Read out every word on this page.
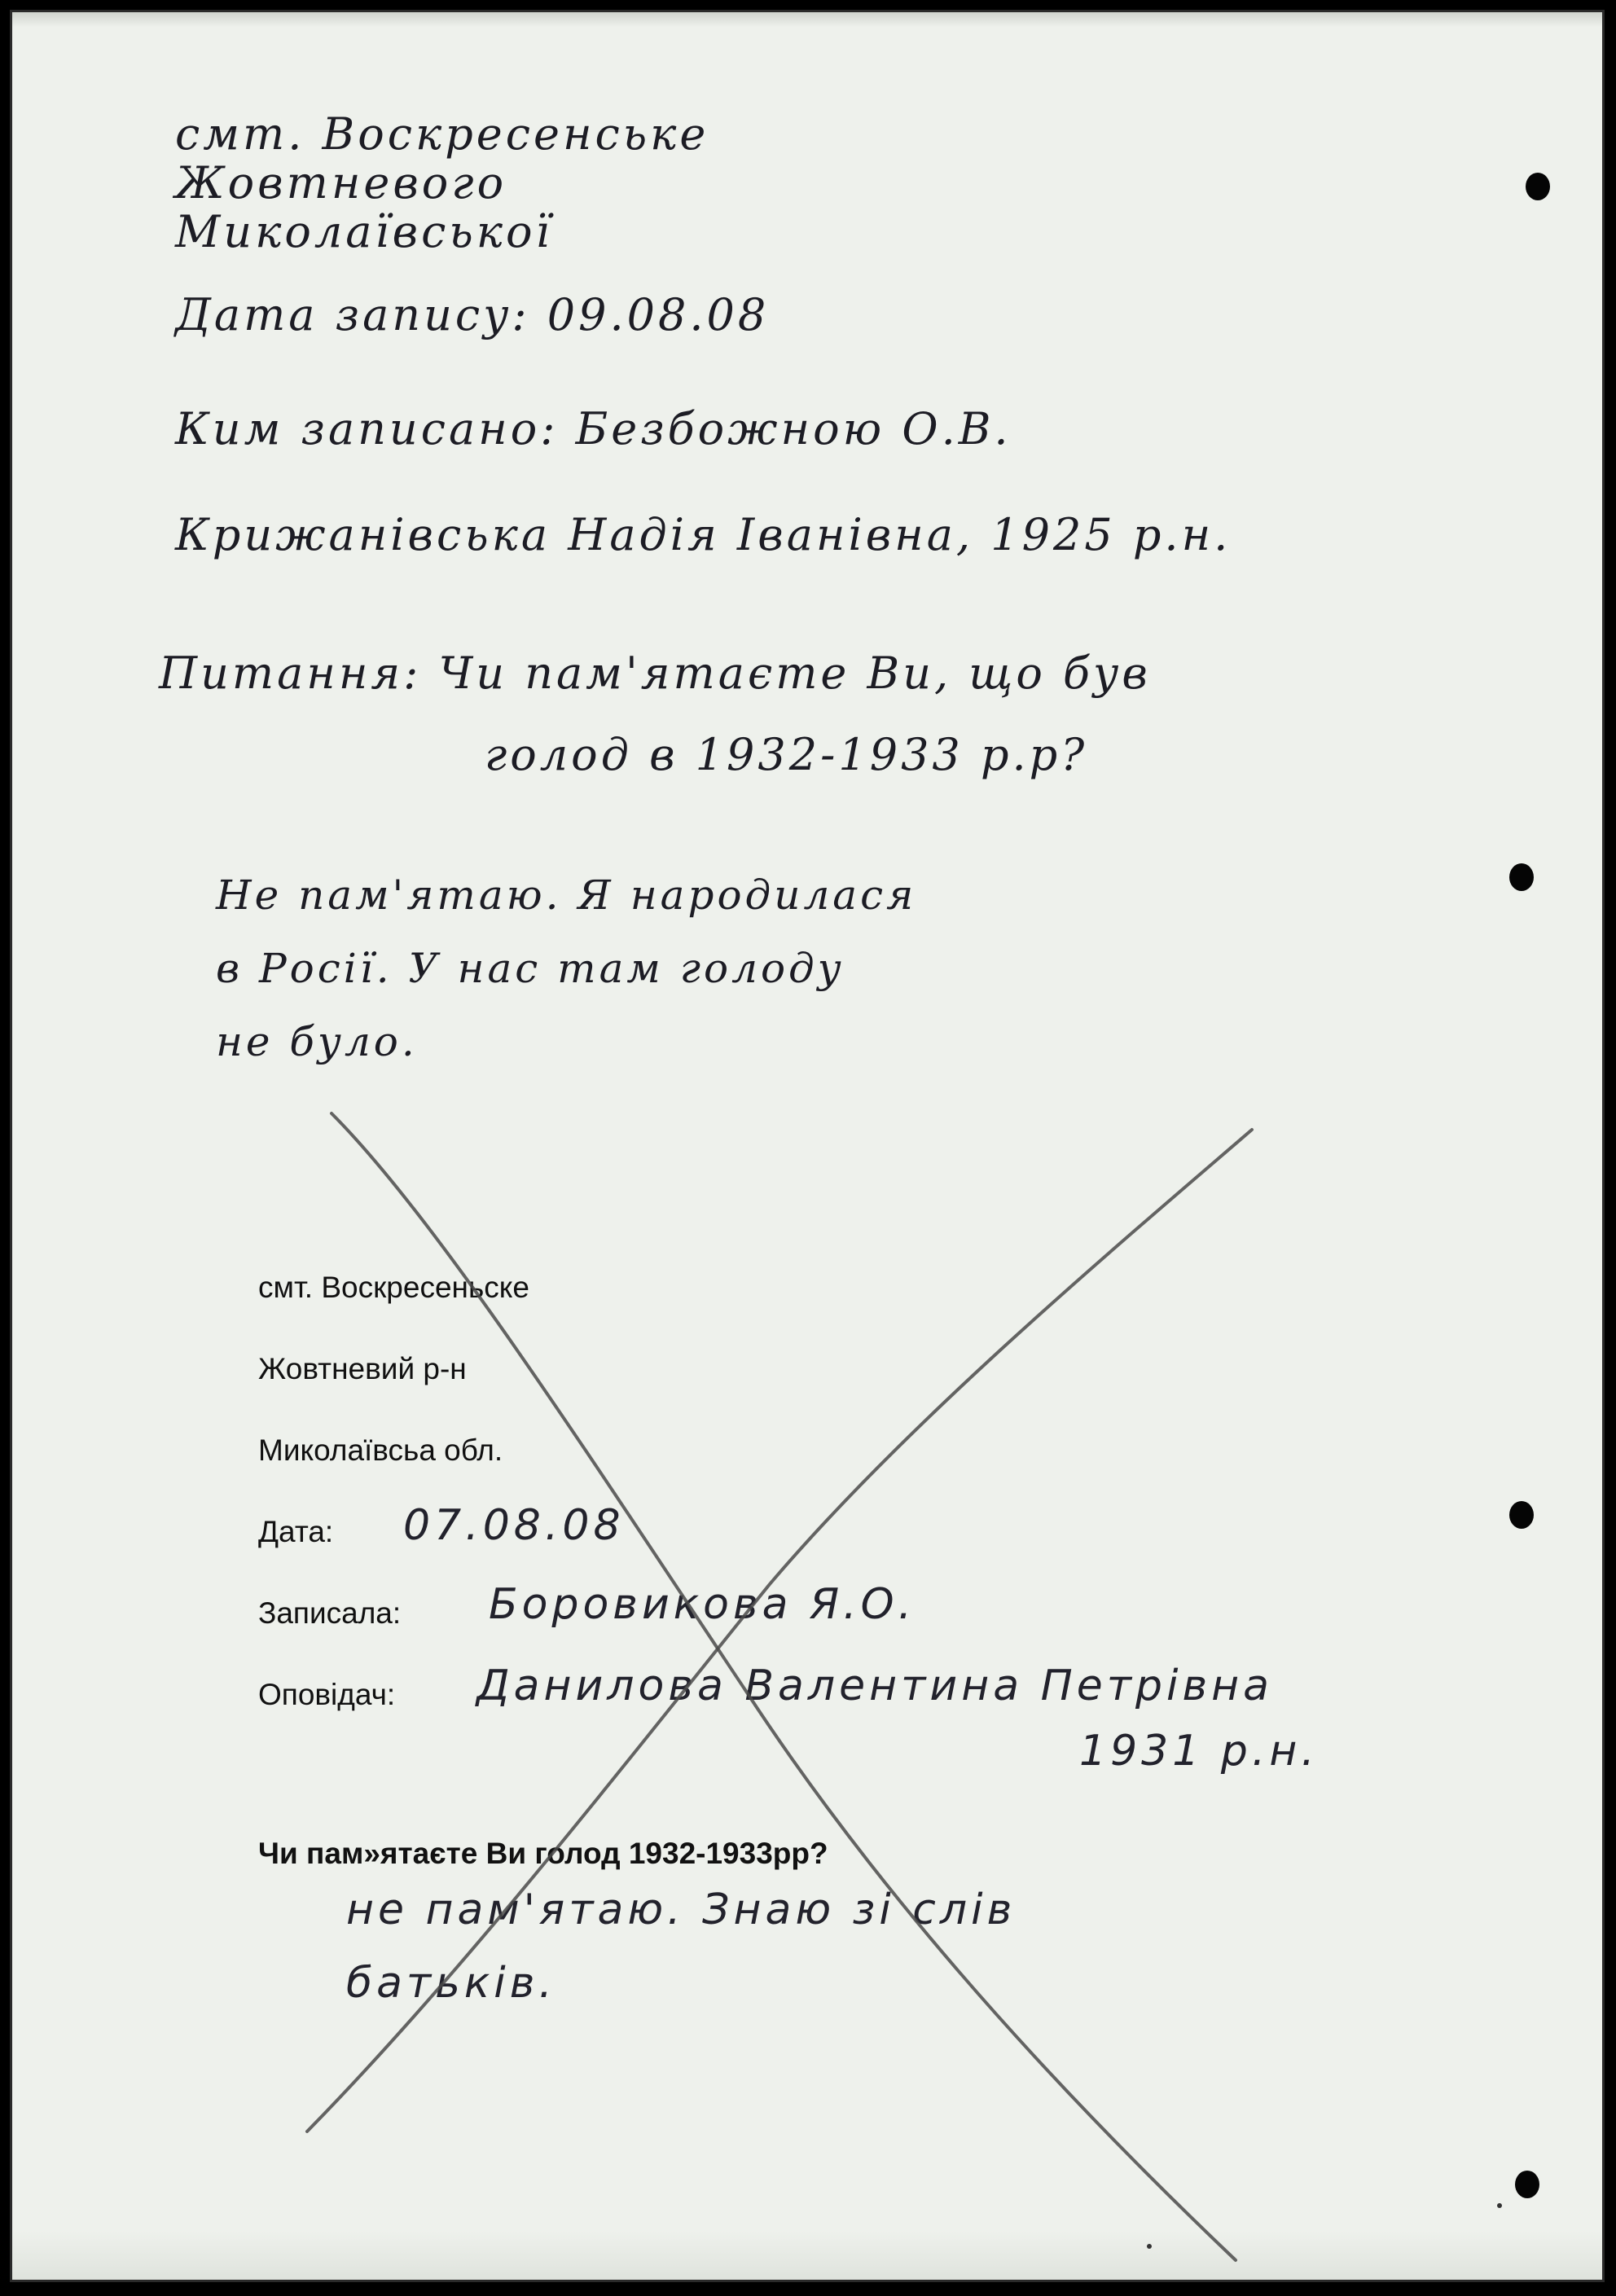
смт. Воскресенське
Жовтневого
Миколаївської
Дата запису: 09.08.08
Ким записано: Безбожною О.В.
Крижанівська Надія Іванівна, 1925 р.н.
Питання: Чи пам'ятаєте Ви, що був
голод в 1932-1933 р.р?
Не пам'ятаю. Я народилася
в Росії. У нас там голоду
не було.
смт. Воскресеньске
Жовтневий р-н
Миколаївсьа обл.
Дата: 07.08.08
Записала: Боровикова Я.О.
Оповідач: Данилова Валентина Петрівна
1931 р.н.
Чи пам»ятаєте Ви голод 1932-1933рр?
не пам'ятаю. Знаю зі слів
батьків.
